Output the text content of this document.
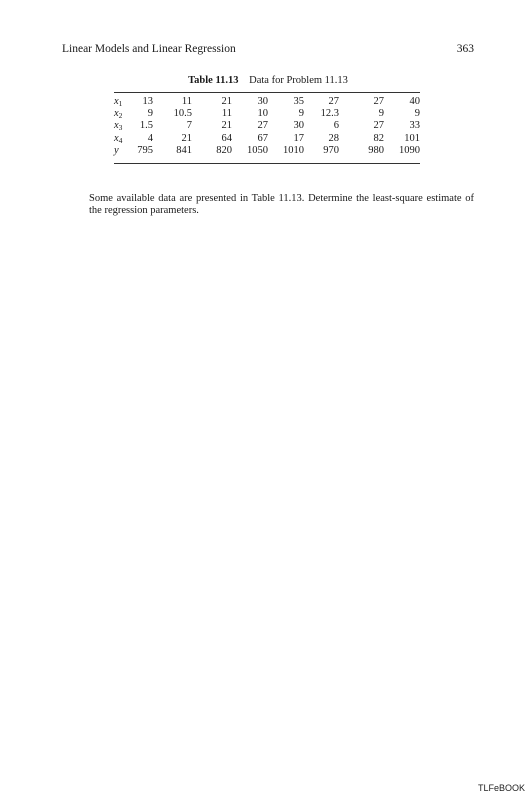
Linear Models and Linear Regression	363
Table 11.13 Data for Problem 11.13
$x_1$	13	11	21	30	35	27	27	40
$x_2$	9	10.5	11	10	9	12.3	9	9
$x_3$	1.5	7	21	27	30	6	27	33
$x_4$	4	21	64	67	17	28	82	101
y	795	841	820	1050	1010	970	980	1090

Some available data are presented in Table 11.13. Determine the least-square estimate of the regression parameters.

TLFeBOOK
